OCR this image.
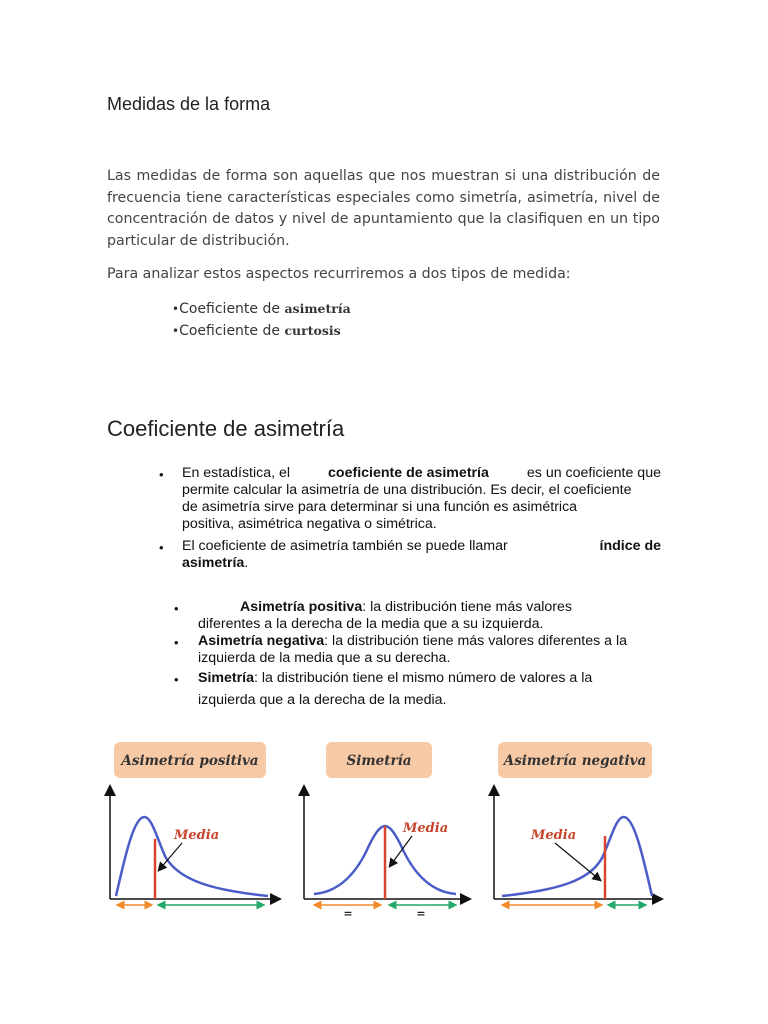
Medidas de la forma
Las medidas de forma son aquellas que nos muestran si una distribución de frecuencia tiene características especiales como simetría, asimetría, nivel de concentración de datos y nivel de apuntamiento que la clasifiquen en un tipo particular de distribución.
Para analizar estos aspectos recurriremos a dos tipos de medida:
•Coeficiente de asimetría
•Coeficiente de curtosis
Coeficiente de asimetría
• En estadística, el	coeficiente de asimetría	es un coeficiente que
permite calcular la asimetría de una distribución. Es decir, el coeficiente
de asimetría sirve para determinar si una función es asimétrica
positiva, asimétrica negativa o simétrica.
• El coeficiente de asimetría también se puede llamar	índice de
asimetría.
•	Asimetría positiva: la distribución tiene más valores
diferentes a la derecha de la media que a su izquierda.
• Asimetría negativa: la distribución tiene más valores diferentes a la
izquierda de la media que a su derecha.
• Simetría: la distribución tiene el mismo número de valores a la
izquierda que a la derecha de la media.
Asimetría positiva
Media
Simetría
Media
=	=
Asimetría negativa
Media
